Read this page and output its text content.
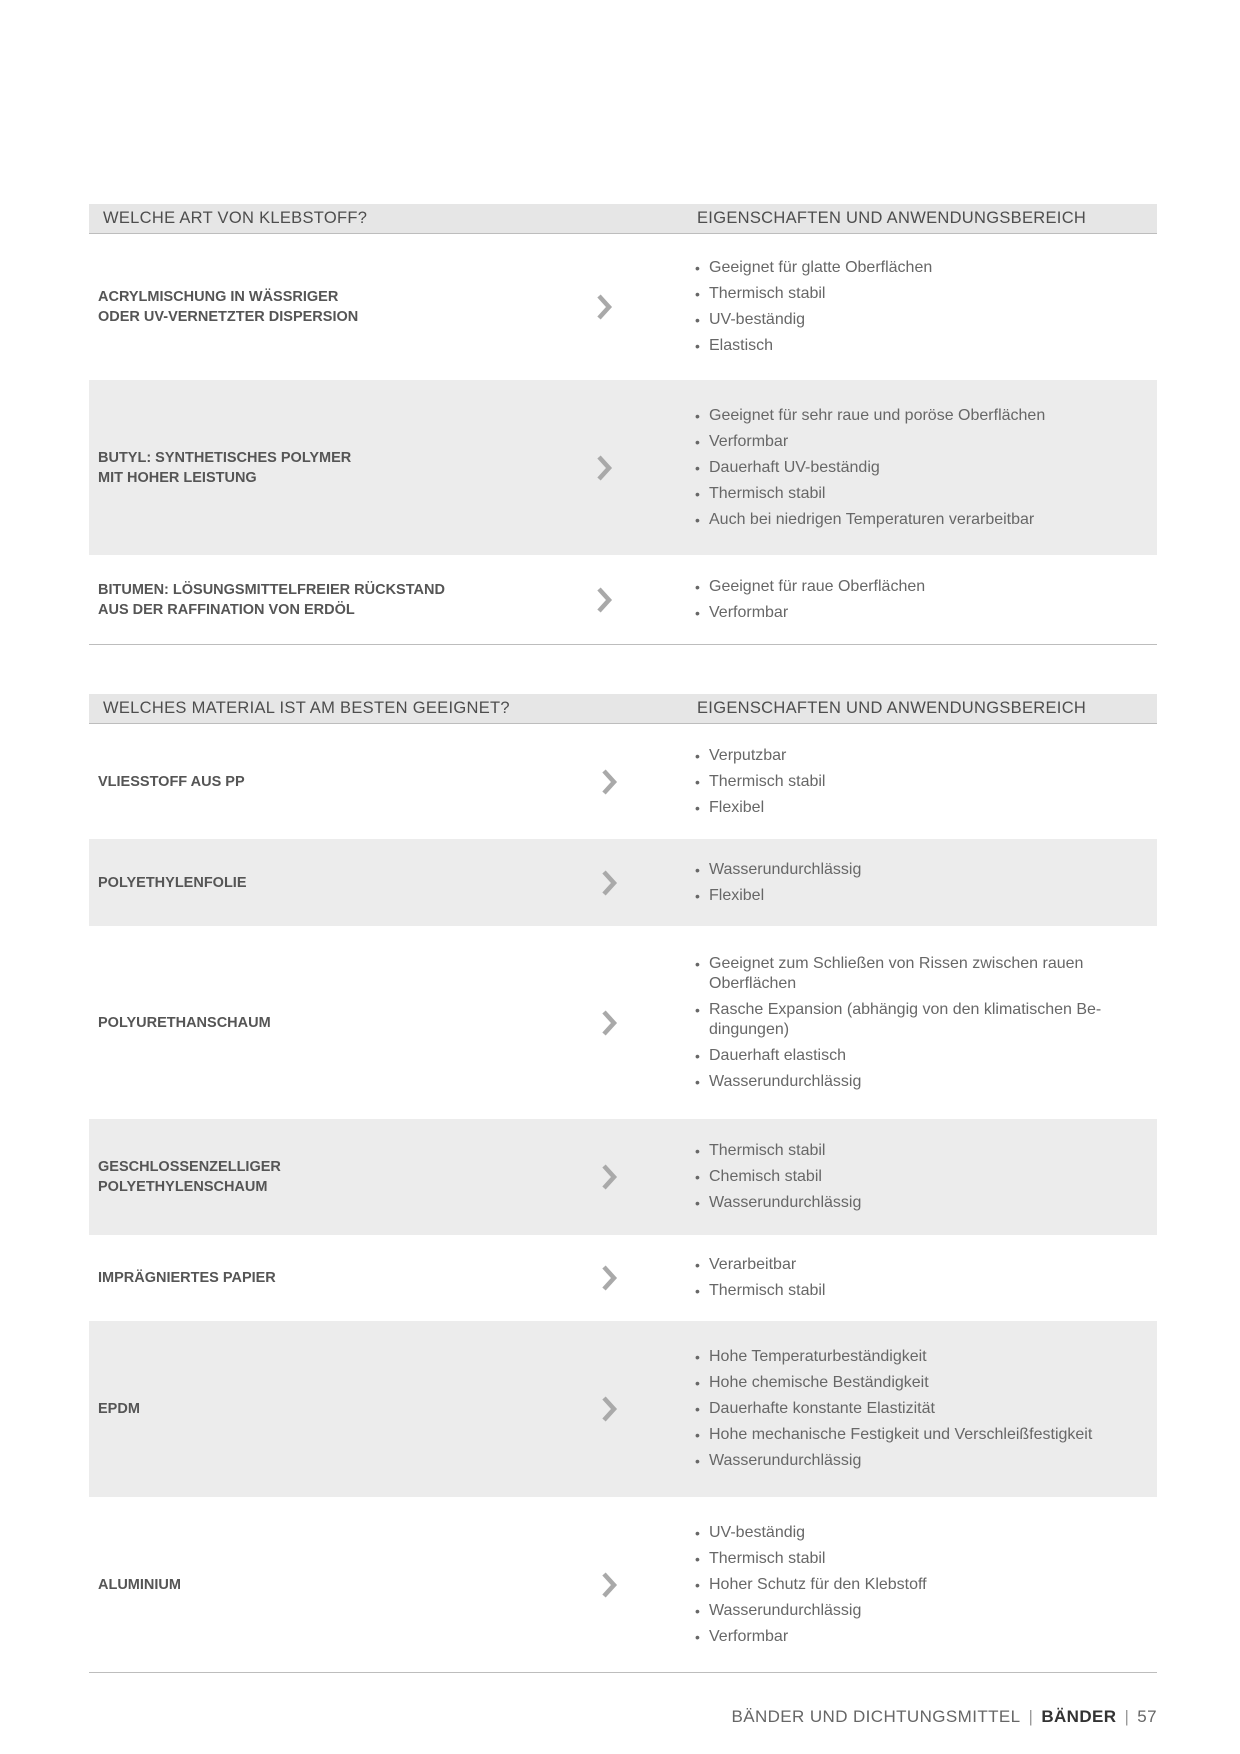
WELCHE ART VON KLEBSTOFF?	EIGENSCHAFTEN UND ANWENDUNGSBEREICH
ACRYLMISCHUNG IN WÄSSRIGER
ODER UV-VERNETZTER DISPERSION
• Geeignet für glatte Oberflächen
• Thermisch stabil
• UV-beständig
• Elastisch
BUTYL: SYNTHETISCHES POLYMER
MIT HOHER LEISTUNG
• Geeignet für sehr raue und poröse Oberflächen
• Verformbar
• Dauerhaft UV-beständig
• Thermisch stabil
• Auch bei niedrigen Temperaturen verarbeitbar
BITUMEN: LÖSUNGSMITTELFREIER RÜCKSTAND
AUS DER RAFFINATION VON ERDÖL
• Geeignet für raue Oberflächen
• Verformbar
WELCHES MATERIAL IST AM BESTEN GEEIGNET?	EIGENSCHAFTEN UND ANWENDUNGSBEREICH
VLIESSTOFF AUS PP
• Verputzbar
• Thermisch stabil
• Flexibel
POLYETHYLENFOLIE
• Wasserundurchlässig
• Flexibel
POLYURETHANSCHAUM
• Geeignet zum Schließen von Rissen zwischen rauen
Oberflächen
• Rasche Expansion (abhängig von den klimatischen Be-
dingungen)
• Dauerhaft elastisch
• Wasserundurchlässig
GESCHLOSSENZELLIGER
POLYETHYLENSCHAUM
• Thermisch stabil
• Chemisch stabil
• Wasserundurchlässig
IMPRÄGNIERTES PAPIER
• Verarbeitbar
• Thermisch stabil
EPDM
• Hohe Temperaturbeständigkeit
• Hohe chemische Beständigkeit
• Dauerhafte konstante Elastizität
• Hohe mechanische Festigkeit und Verschleißfestigkeit
• Wasserundurchlässig
ALUMINIUM
• UV-beständig
• Thermisch stabil
• Hoher Schutz für den Klebstoff
• Wasserundurchlässig
• Verformbar
BÄNDER UND DICHTUNGSMITTEL | BÄNDER | 57
